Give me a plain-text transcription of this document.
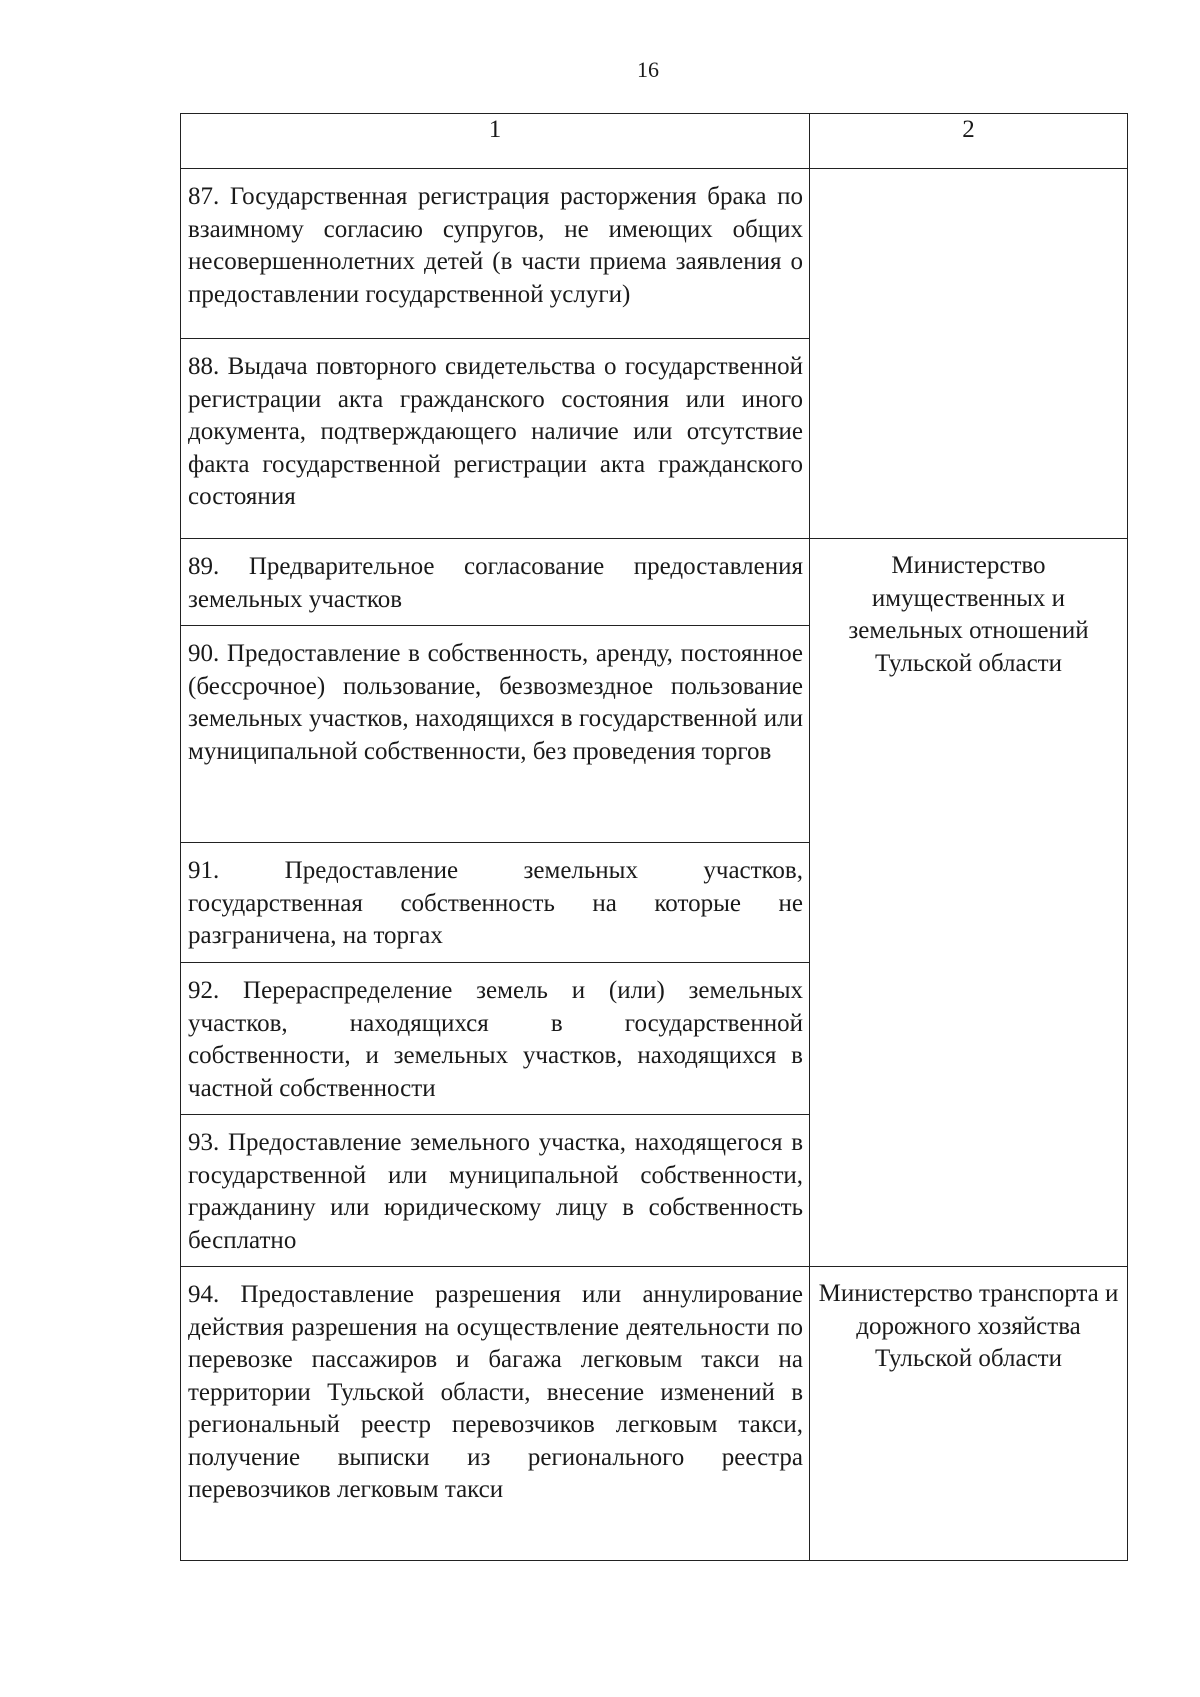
16
1	2
87. Государственная регистрация расторжения брака по взаимному согласию супругов, не имеющих общих несовершеннолетних детей (в части приема заявления о предоставлении государственной услуги)	
88. Выдача повторного свидетельства о государственной регистрации акта гражданского состояния или иного документа, подтверждающего наличие или отсутствие факта государственной регистрации акта гражданского состояния	
89. Предварительное согласование предоставления земельных участков	Министерство имущественных и земельных отношений Тульской области
90. Предоставление в собственность, аренду, постоянное (бессрочное) пользование, безвозмездное пользование земельных участков, находящихся в государственной или муниципальной собственности, без проведения торгов	
91. Предоставление земельных участков, государственная собственность на которые не разграничена, на торгах	
92. Перераспределение земель и (или) земельных участков, находящихся в государственной собственности, и земельных участков, находящихся в частной собственности	
93. Предоставление земельного участка, находящегося в государственной или муниципальной собственности, гражданину или юридическому лицу в собственность бесплатно	
94. Предоставление разрешения или аннулирование действия разрешения на осуществление деятельности по перевозке пассажиров и багажа легковым такси на территории Тульской области, внесение изменений в региональный реестр перевозчиков легковым такси, получение выписки из регионального реестра перевозчиков легковым такси	Министерство транспорта и дорожного хозяйства Тульской области
